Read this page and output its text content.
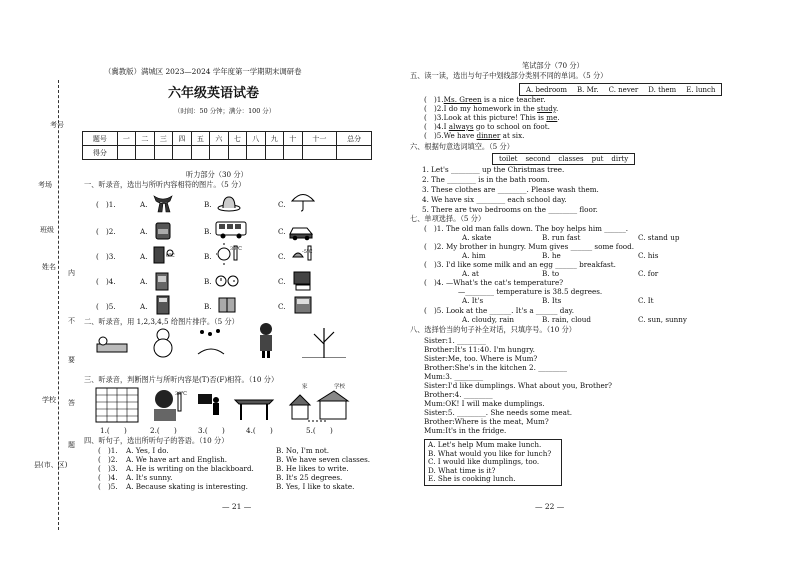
考号
考场
班级
姓名
内
不
要
答
题
学校
县(市、区)
（冀教版）满城区 2023—2024 学年度第一学期期末调研卷
六年级英语试卷
（时间：50 分钟；满分：100 分）
题号	一	二	三	四	五	六	七	八	九	十	十一	总分
得分												
听力部分（30 分）
一、听录音，选出与所听内容相符的图片。（5 分）
(　)1.	A.	B.	C.
(　)2.	A.	B.	C.
(　)3.	A.	B.	C.
(　)4.	A.	B.	C.
(　)5.	A.	B.	C.
0℃
30℃	-5℃
二、听录音，用 1,2,3,4,5 给图片排序。（5 分）
三、听录音，判断图片与所听内容是(T)否(F)相符。（10 分）
39℃
家	学校
1.(　　)	2.(　　)	3.(　　)	4.(　　)	5.(　　)
四、听句子，选出所听句子的答语。（10 分）
(　)1. A. Yes, I do.	B. No, I'm not.
(　)2. A. We have art and English.	B. We have seven classes.
(　)3. A. He is writing on the blackboard.	B. He likes to write.
(　)4. A. It's sunny.	B. It's 25 degrees.
(　)5. A. Because skating is interesting.	B. Yes, I like to skate.
— 21 —
笔试部分（70 分）
五、读一读，选出与句子中划线部分类别不同的单词。（5 分）
A. bedroom B. Mr. C. never D. them E. lunch
(　)1.Ms. Green is a nice teacher.
(　)2.I do my homework in the study.
(　)3.Look at this picture! This is me.
(　)4.I always go to school on foot.
(　)5.We have dinner at six.
六、根据句意选词填空。（5 分）
toilet second classes put dirty
1. Let's ________ up the Christmas tree.
2. The ________ is in the bath room.
3. These clothes are ________. Please wash them.
4. We have six ________ each school day.
5. There are two bedrooms on the ________ floor.
七、单项选择。（5 分）
(　)1. The old man falls down. The boy helps him ______.
A. skate	B. run fast	C. stand up
(　)2. My brother in hungry. Mum gives ______ some food.
A. him	B. he	C. his
(　)3. I'd like some milk and an egg ______ breakfast.
A. at	B. to	C. for
(　)4. —What's the cat's temperature?
—________ temperature is 38.5 degrees.
A. It's	B. Its	C. It
(　)5. Look at the ______. It's a ______ day.
A. cloudy, rain	B. rain, cloud	C. sun, sunny
八、选择恰当的句子补全对话，只填序号。（10 分）
Sister:1. ________
Brother:It's 11:40. I'm hungry.
Sister:Me, too. Where is Mum?
Brother:She's in the kitchen 2. ________
Mum:3. ________
Sister:I'd like dumplings. What about you, Brother?
Brother:4. ________
Mum:OK! I will make dumplings.
Sister:5. ________. She needs some meat.
Brother:Where is the meat, Mum?
Mum:It's in the fridge.
A. Let's help Mum make lunch.
B. What would you like for lunch?
C. I would like dumplings, too.
D. What time is it?
E. She is cooking lunch.
— 22 —
